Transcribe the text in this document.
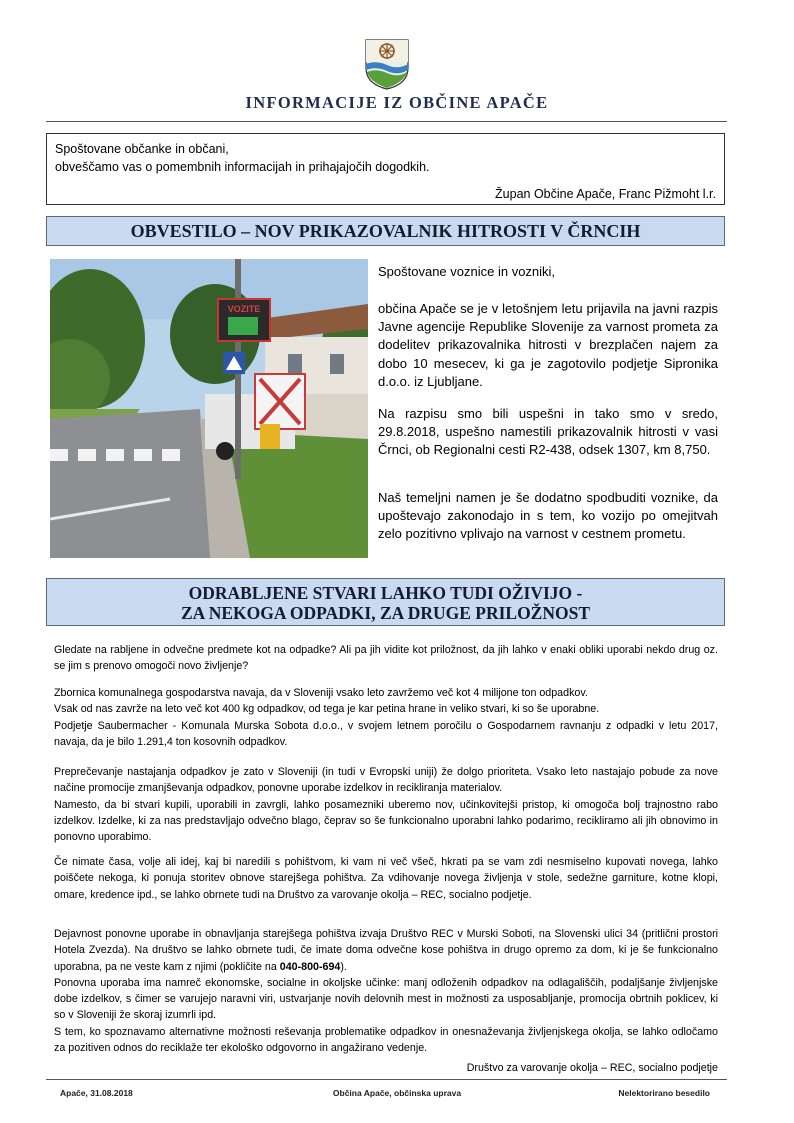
INFORMACIJE IZ OBČINE APAČE
Spoštovane občanke in občani,
obveščamo vas o pomembnih informacijah in prihajajočih dogodkih.
Župan Občine Apače, Franc Pižmoht l.r.
OBVESTILO – NOV PRIKAZOVALNIK HITROSTI V ČRNCIH
VOZITE
Spoštovane voznice in vozniki,
občina Apače se je v letošnjem letu prijavila na javni razpis Javne agencije Republike Slovenije za varnost prometa za dodelitev prikazovalnika hitrosti v brezplačen najem za dobo 10 mesecev, ki ga je zagotovilo podjetje Sipronika d.o.o. iz Ljubljane.
Na razpisu smo bili uspešni in tako smo v sredo, 29.8.2018, uspešno namestili prikazovalnik hitrosti v vasi Črnci, ob Regionalni cesti R2-438, odsek 1307, km 8,750.
Naš temeljni namen je še dodatno spodbuditi voznike, da upoštevajo zakonodajo in s tem, ko vozijo po omejitvah zelo pozitivno vplivajo na varnost v cestnem prometu.
ODRABLJENE STVARI LAHKO TUDI OŽIVIJO -
ZA NEKOGA ODPADKI, ZA DRUGE PRILOŽNOST
Gledate na rabljene in odvečne predmete kot na odpadke? Ali pa jih vidite kot priložnost, da jih lahko v enaki obliki uporabi nekdo drug oz. se jim s prenovo omogoči novo življenje?
Zbornica komunalnega gospodarstva navaja, da v Sloveniji vsako leto zavržemo več kot 4 milijone ton odpadkov.
Vsak od nas zavrže na leto več kot 400 kg odpadkov, od tega je kar petina hrane in veliko stvari, ki so še uporabne.
Podjetje Saubermacher - Komunala Murska Sobota d.o.o., v svojem letnem poročilu o Gospodarnem ravnanju z odpadki v letu 2017, navaja, da je bilo 1.291,4 ton kosovnih odpadkov.
Preprečevanje nastajanja odpadkov je zato v Sloveniji (in tudi v Evropski uniji) že dolgo prioriteta. Vsako leto nastajajo pobude za nove načine promocije zmanjševanja odpadkov, ponovne uporabe izdelkov in recikliranja materialov.
Namesto, da bi stvari kupili, uporabili in zavrgli, lahko posamezniki uberemo nov, učinkovitejši pristop, ki omogoča bolj trajnostno rabo izdelkov. Izdelke, ki za nas predstavljajo odvečno blago, čeprav so še funkcionalno uporabni lahko podarimo, recikliramo ali jih obnovimo in ponovno uporabimo.
Če nimate časa, volje ali idej, kaj bi naredili s pohištvom, ki vam ni več všeč, hkrati pa se vam zdi nesmiselno kupovati novega, lahko poiščete nekoga, ki ponuja storitev obnove starejšega pohištva. Za vdihovanje novega življenja v stole, sedežne garniture, kotne klopi, omare, kredence ipd., se lahko obrnete tudi na Društvo za varovanje okolja – REC, socialno podjetje.
Dejavnost ponovne uporabe in obnavljanja starejšega pohištva izvaja Društvo REC v Murski Soboti, na Slovenski ulici 34 (pritlični prostori Hotela Zvezda). Na društvo se lahko obrnete tudi, če imate doma odvečne kose pohištva in drugo opremo za dom, ki je še funkcionalno uporabna, pa ne veste kam z njimi (pokličite na 040-800-694).
Ponovna uporaba ima namreč ekonomske, socialne in okoljske učinke: manj odloženih odpadkov na odlagališčih, podaljšanje življenjske dobe izdelkov, s čimer se varujejo naravni viri, ustvarjanje novih delovnih mest in možnosti za usposabljanje, promocija obrtnih poklicev, ki so v Sloveniji že skoraj izumrli ipd.
S tem, ko spoznavamo alternativne možnosti reševanja problematike odpadkov in onesnaževanja življenjskega okolja, se lahko odločamo za pozitiven odnos do reciklaže ter ekološko odgovorno in angažirano vedenje.
Društvo za varovanje okolja – REC, socialno podjetje
Apače, 31.08.2018	Občina Apače, občinska uprava	Nelektorirano besedilo
